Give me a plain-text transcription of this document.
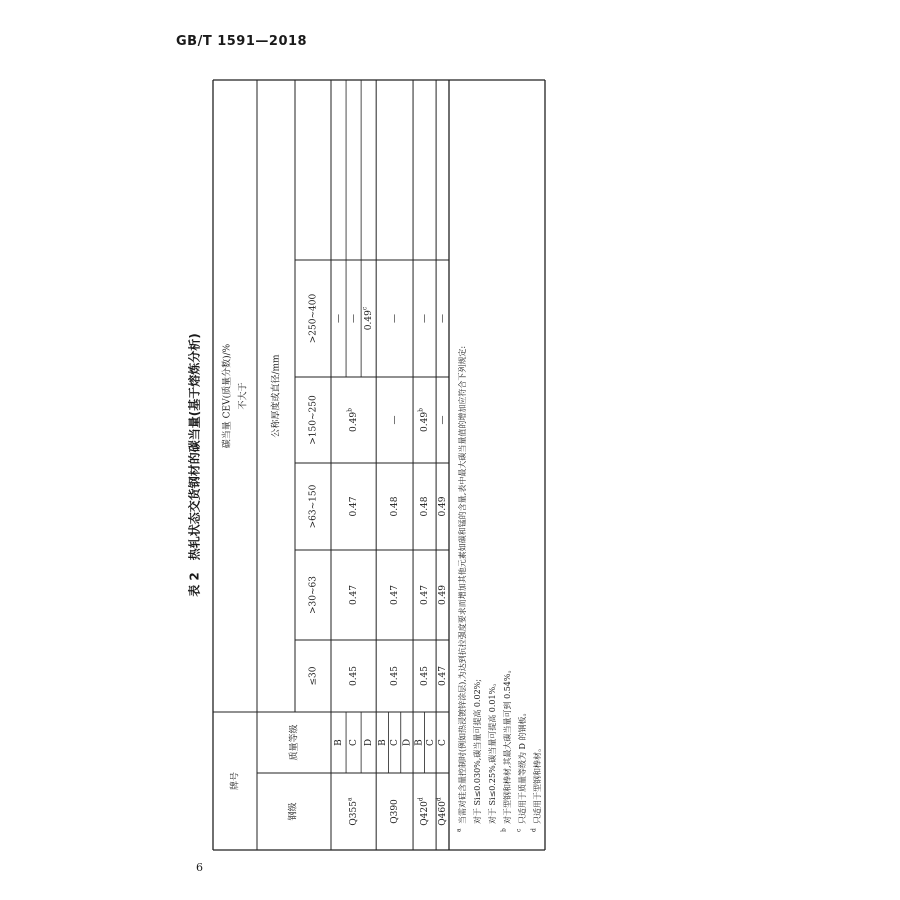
GB/T 1591—2018
6
牌号
钢级
质量等级
碳当量 CEV(质量分数)/% 不大于	公称厚度或直径/mm
≤30
>30~63
>63~150
>150~250
>250~400
Q355$^a$
B C D
0.45
0.47
0.47
0.49$^b$
— — 0.49$^c$
Q390
B C D
0.45
0.47
0.48
—
—
Q420$^d$
B C
0.45
0.47
0.48
0.49$^b$
—
Q460$^d$
C
0.47
0.49
0.49
—
—
a
当需对硅含量控制时(例如热浸镀锌涂层),为达到抗拉强度要求而增加其他元素如碳和锰的含量,表中最大碳当量值的增加应符合下列规定: 对于 Si≤0.030%,碳当量可提高 0.02%; 对于 Si≤0.25%,碳当量可提高 0.01%。
b
对于型钢和棒材,其最大碳当量可到 0.54%。
c
只适用于质量等级为 D 的钢板。
d
只适用于型钢和棒材。
表 2　热轧状态交货钢材的碳当量(基于熔炼分析)
